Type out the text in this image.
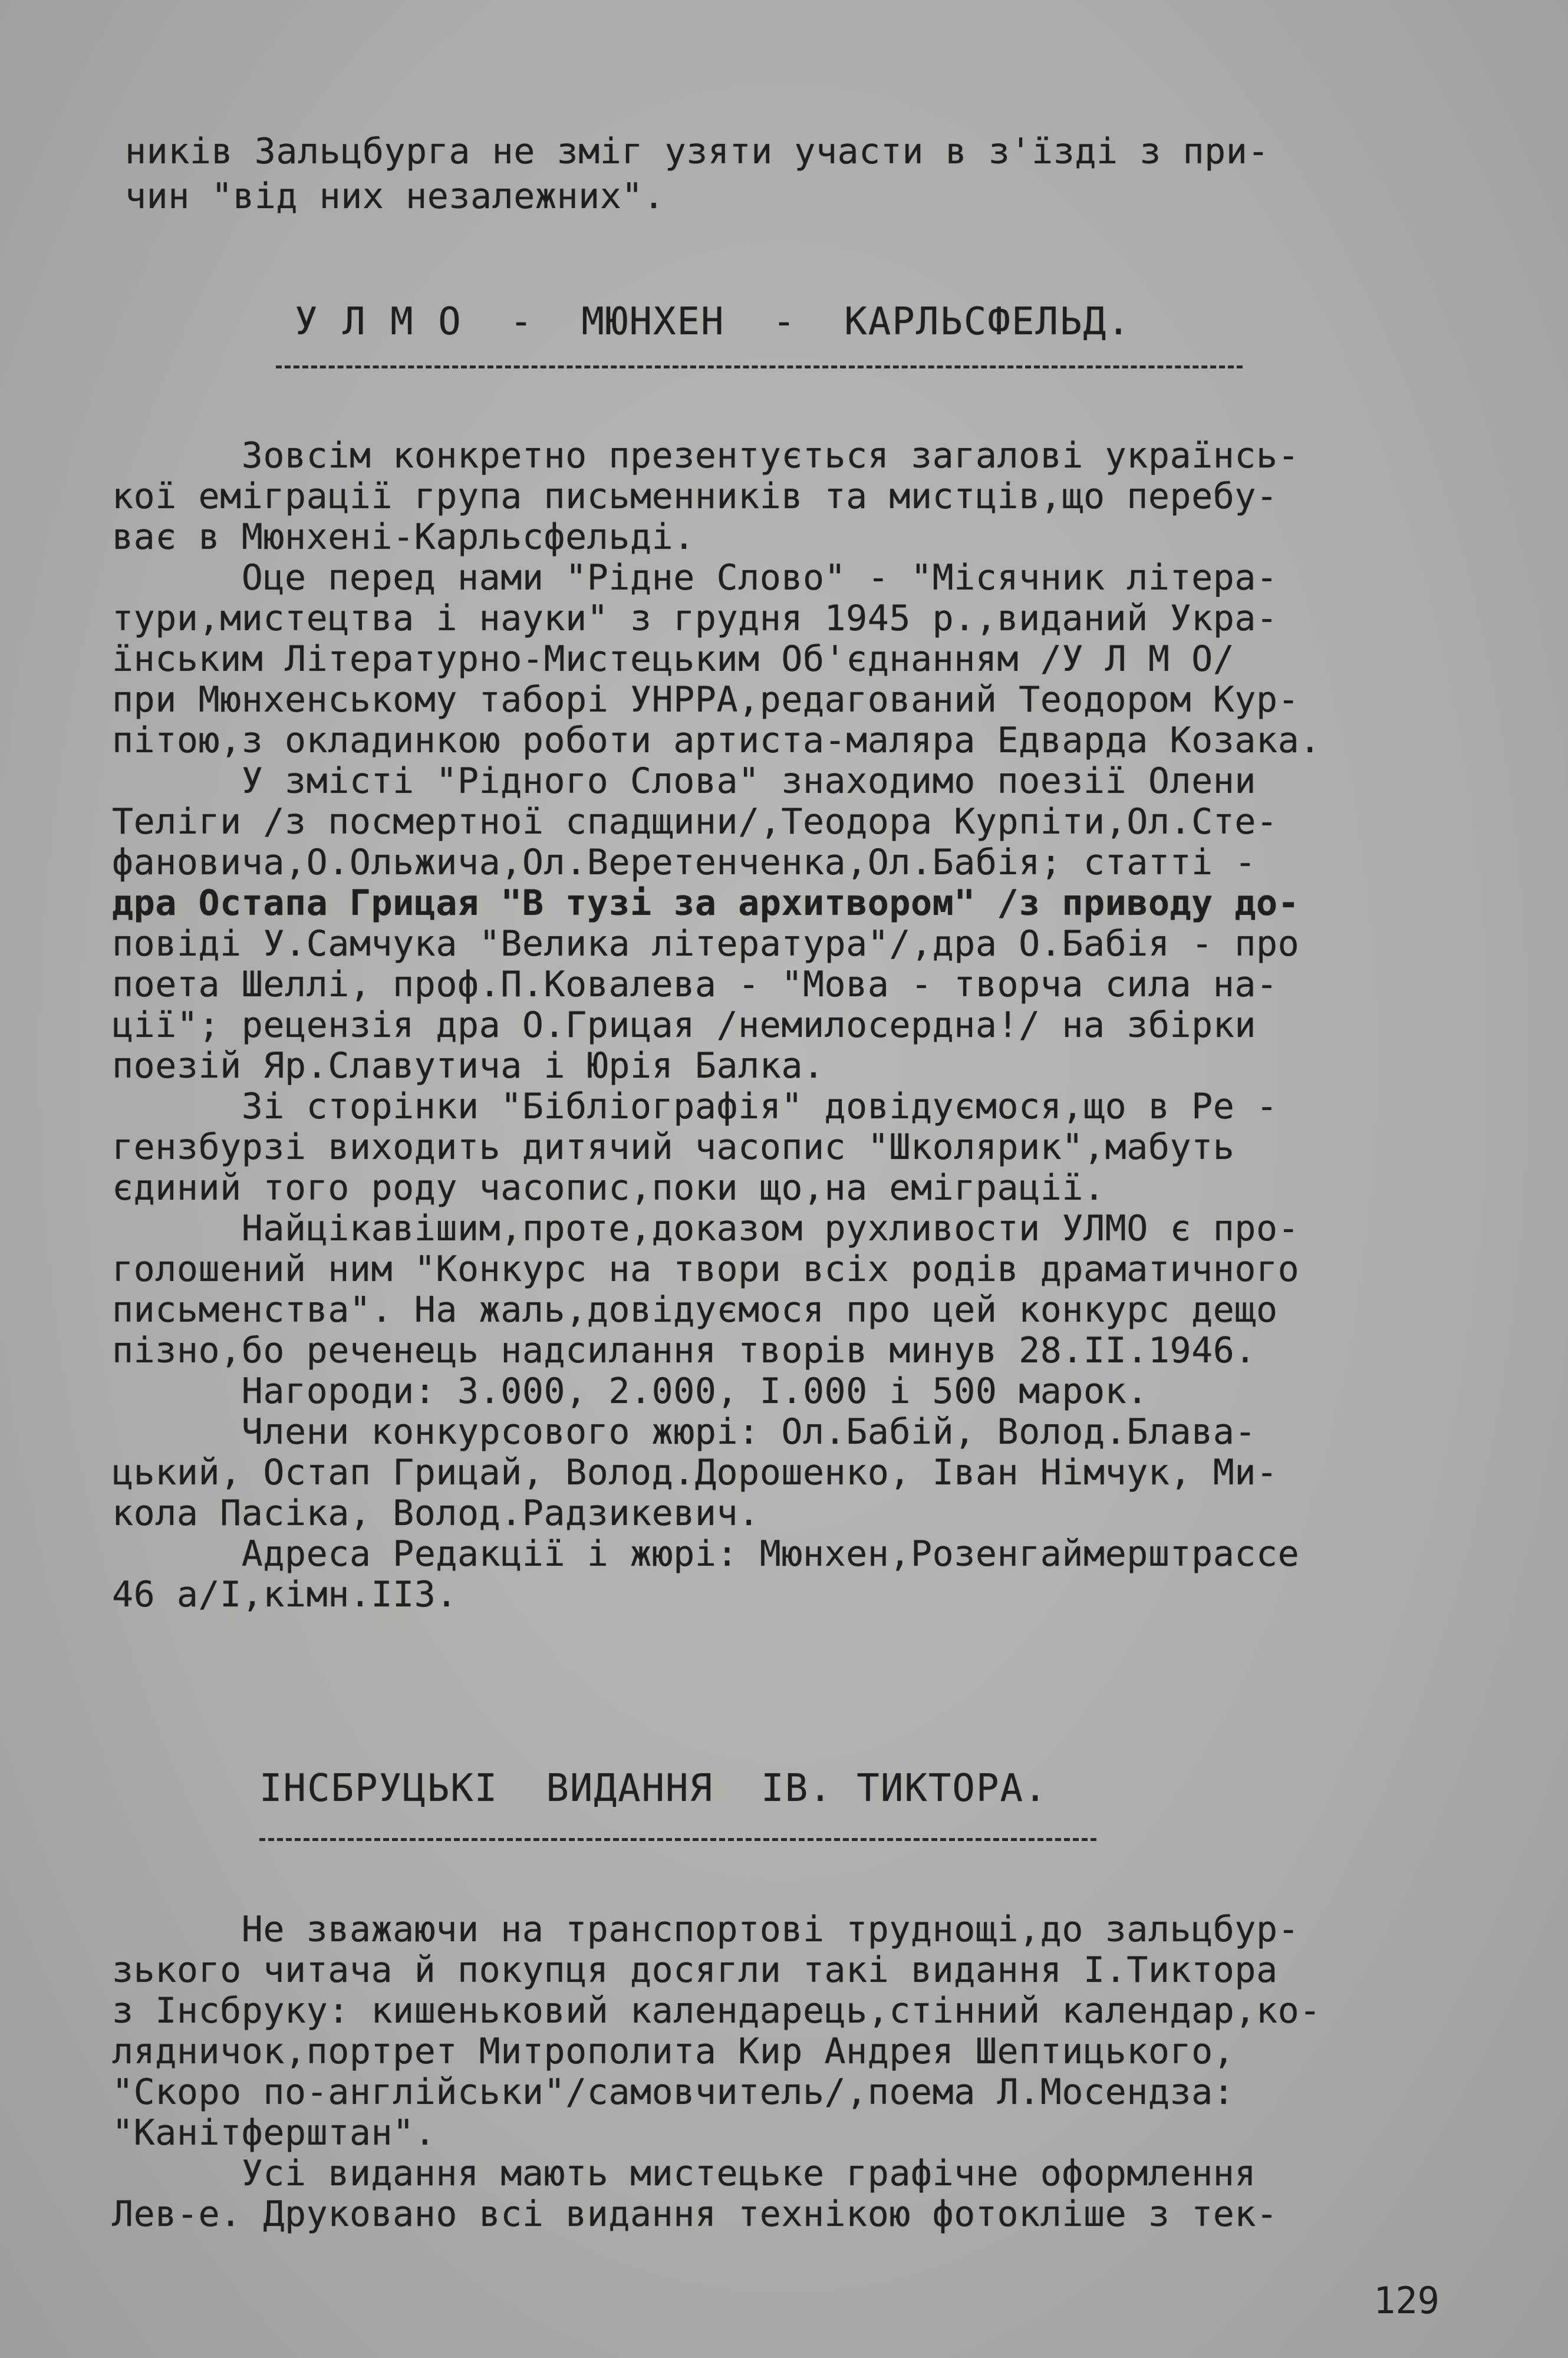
ників Зальцбурга не зміг узяти участи в з'їзді з при-
чин "від них незалежних".
У Л М О  -  МЮНХЕН  -  КАРЛЬСФЕЛЬД.
Зовсім конкретно презентується загалові українсь-
кої еміграції група письменників та мистців,що перебу-
ває в Мюнхені-Карльсфельді.
Оце перед нами "Рідне Слово" - "Місячник літера-
тури,мистецтва і науки" з грудня 1945 р.,виданий Укра-
їнським Літературно-Мистецьким Об'єднанням /У Л М О/
при Мюнхенському таборі УНРРА,редагований Теодором Кур-
пітою,з окладинкою роботи артиста-маляра Едварда Козака.
У змісті "Рідного Слова" знаходимо поезії Олени
Теліги /з посмертної спадщини/,Теодора Курпіти,Ол.Сте-
фановича,О.Ольжича,Ол.Веретенченка,Ол.Бабія; статті -
дра Остапа Грицая "В тузі за архитвором" /з приводу до-
повіді У.Самчука "Велика література"/,дра О.Бабія - про
поета Шеллі, проф.П.Ковалева - "Мова - творча сила на-
ції"; рецензія дра О.Грицая /немилосердна!/ на збірки
поезій Яр.Славутича і Юрія Балка.
Зі сторінки "Бібліографія" довідуємося,що в Ре -
гензбурзі виходить дитячий часопис "Школярик",мабуть
єдиний того роду часопис,поки що,на еміграції.
Найцікавішим,проте,доказом рухливости УЛМО є про-
голошений ним "Конкурс на твори всіх родів драматичного
письменства". На жаль,довідуємося про цей конкурс дещо
пізно,бо реченець надсилання творів минув 28.II.1946.
Нагороди: 3.000, 2.000, I.000 і 500 марок.
Члени конкурсового жюрі: Ол.Бабій, Волод.Блава-
цький, Остап Грицай, Волод.Дорошенко, Іван Німчук, Ми-
кола Пасіка, Волод.Радзикевич.
Адреса Редакції і жюрі: Мюнхен,Розенгаймерштрассе
46 а/I,кімн.II3.
ІНСБРУЦЬКІ  ВИДАННЯ  ІВ. ТИКТОРА.
Не зважаючи на транспортові труднощі,до зальцбур-
зького читача й покупця досягли такі видання І.Тиктора
з Інсбруку: кишеньковий календарець,стінний календар,ко-
лядничок,портрет Митрополита Кир Андрея Шептицького,
"Скоро по-англійськи"/самовчитель/,поема Л.Мосендза:
"Канітферштан".
Усі видання мають мистецьке графічне оформлення
Лев-е. Друковано всі видання технікою фотокліше з тек-
129
